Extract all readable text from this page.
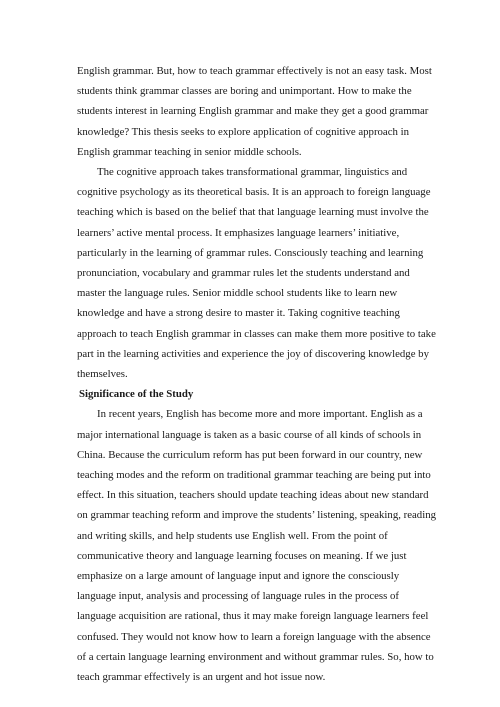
English grammar. But, how to teach grammar effectively is not an easy task. Most students think grammar classes are boring and unimportant. How to make the students interest in learning English grammar and make they get a good grammar knowledge? This thesis seeks to explore application of cognitive approach in English grammar teaching in senior middle schools.

The cognitive approach takes transformational grammar, linguistics and cognitive psychology as its theoretical basis. It is an approach to foreign language teaching which is based on the belief that that language learning must involve the learners’ active mental process. It emphasizes language learners’ initiative, particularly in the learning of grammar rules. Consciously teaching and learning pronunciation, vocabulary and grammar rules let the students understand and master the language rules. Senior middle school students like to learn new knowledge and have a strong desire to master it. Taking cognitive teaching approach to teach English grammar in classes can make them more positive to take part in the learning activities and experience the joy of discovering knowledge by themselves.

Significance of the Study

In recent years, English has become more and more important. English as a major international language is taken as a basic course of all kinds of schools in China. Because the curriculum reform has put been forward in our country, new teaching modes and the reform on traditional grammar teaching are being put into effect. In this situation, teachers should update teaching ideas about new standard on grammar teaching reform and improve the students’ listening, speaking, reading and writing skills, and help students use English well. From the point of communicative theory and language learning focuses on meaning. If we just emphasize on a large amount of language input and ignore the consciously language input, analysis and processing of language rules in the process of language acquisition are rational, thus it may make foreign language learners feel confused. They would not know how to learn a foreign language with the absence of a certain language learning environment and without grammar rules. So, how to teach grammar effectively is an urgent and hot issue now.
